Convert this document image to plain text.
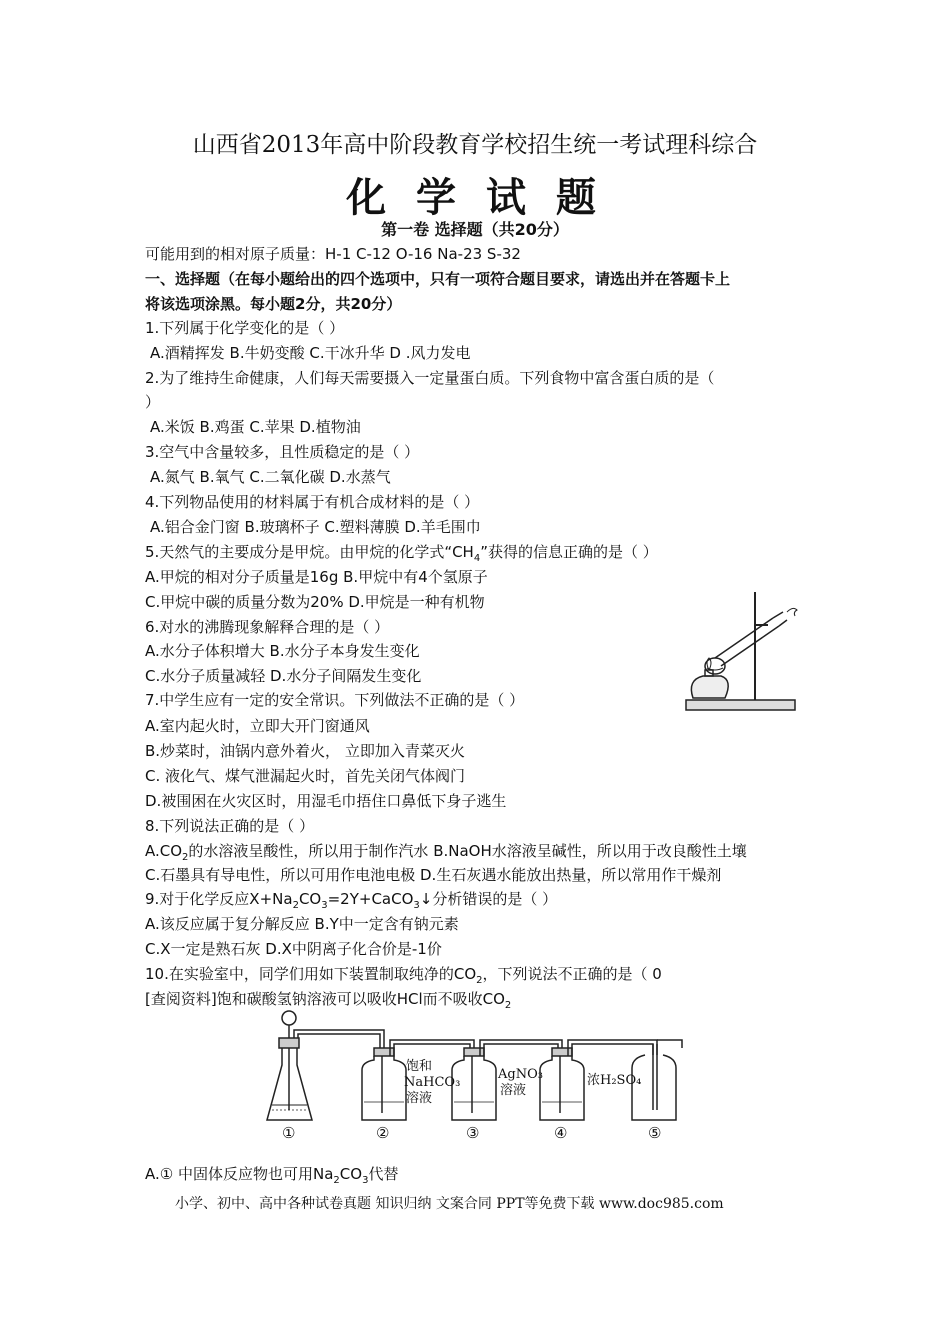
山西省2013年高中阶段教育学校招生统一考试理科综合
化 学 试 题
第一卷 选择题（共20分）
可能用到的相对原子质量：H-1 C-12 O-16 Na-23 S-32
一、选择题（在每小题给出的四个选项中，只有一项符合题目要求，请选出并在答题卡上
将该选项涂黑。每小题2分，共20分）
1.下列属于化学变化的是（ ）
A.酒精挥发 B.牛奶变酸 C.干冰升华 D .风力发电
2.为了维持生命健康，人们每天需要摄入一定量蛋白质。下列食物中富含蛋白质的是（
）
A.米饭 B.鸡蛋 C.苹果 D.植物油
3.空气中含量较多，且性质稳定的是（ ）
A.氮气 B.氧气 C.二氧化碳 D.水蒸气
4.下列物品使用的材料属于有机合成材料的是（ ）
A.铝合金门窗 B.玻璃杯子 C.塑料薄膜 D.羊毛围巾
5.天然气的主要成分是甲烷。由甲烷的化学式“$CH_4$”获得的信息正确的是（ ）
A.甲烷的相对分子质量是16g B.甲烷中有4个氢原子
C.甲烷中碳的质量分数为20% D.甲烷是一种有机物
6.对水的沸腾现象解释合理的是（ ）
A.水分子体积增大 B.水分子本身发生变化
C.水分子质量减轻 D.水分子间隔发生变化
7.中学生应有一定的安全常识。下列做法不正确的是（ ）
A.室内起火时，立即大开门窗通风
B.炒菜时，油锅内意外着火， 立即加入青菜灭火
C. 液化气、煤气泄漏起火时，首先关闭气体阀门
D.被围困在火灾区时，用湿毛巾捂住口鼻低下身子逃生
8.下列说法正确的是（ ）
$A.CO_2$的水溶液呈酸性，所以用于制作汽水 B.NaOH水溶液呈碱性，所以用于改良酸性土壤
C.石墨具有导电性，所以可用作电池电极 D.生石灰遇水能放出热量，所以常用作干燥剂
9.对于化学反应$X+Na_2CO_3=2Y+CaCO_3↓$分析错误的是（ ）
A.该反应属于复分解反应 B.Y中一定含有钠元素
C.X一定是熟石灰 D.X中阴离子化合价是-1价
10.在实验室中，同学们用如下装置制取纯净的$CO_2$，下列说法不正确的是（ 0
[查阅资料]饱和碳酸氢钠溶液可以吸收HCl而不吸收$CO_2$
饱和
NaHCO₃
溶液
AgNO₃
溶液
浓H₂SO₄
①	②	③	④	⑤
A.① 中固体反应物也可用$Na_2CO_3$代替
小学、初中、高中各种试卷真题 知识归纳 文案合同 PPT等免费下载 www.doc985.com
